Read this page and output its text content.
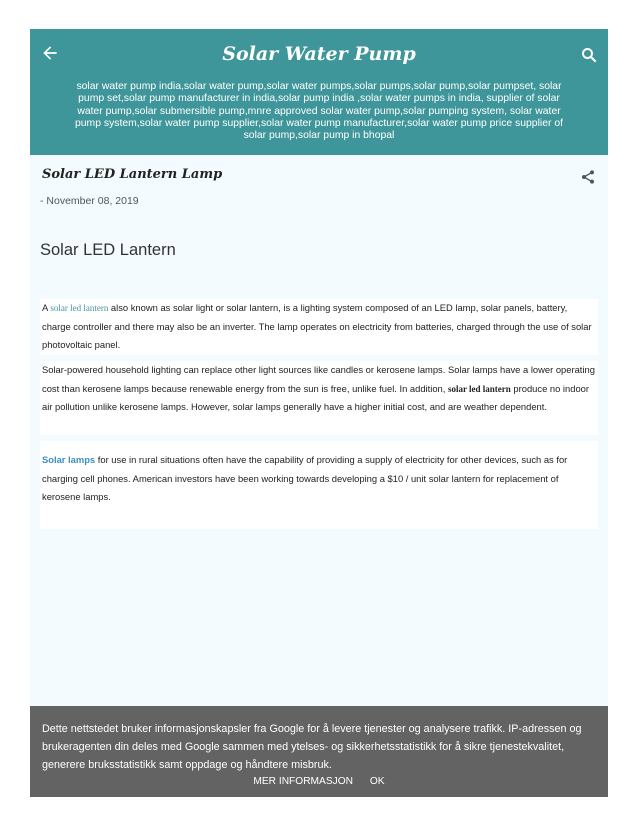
Solar Water Pump
solar water pump india,solar water pump,solar water pumps,solar pumps,solar pump,solar pumpset, solar pump set,solar pump manufacturer in india,solar pump india ,solar water pumps in india, supplier of solar water pump,solar submersible pump,mnre approved solar water pump,solar pumping system, solar water pump system,solar water pump supplier,solar water pump manufacturer,solar water pump price supplier of solar pump,solar pump in bhopal
Solar LED Lantern Lamp
- November 08, 2019
Solar LED Lantern
A solar led lantern also known as solar light or solar lantern, is a lighting system composed of an LED lamp, solar panels, battery, charge controller and there may also be an inverter. The lamp operates on electricity from batteries, charged through the use of solar photovoltaic panel.
Solar-powered household lighting can replace other light sources like candles or kerosene lamps. Solar lamps have a lower operating cost than kerosene lamps because renewable energy from the sun is free, unlike fuel. In addition, solar led lantern produce no indoor air pollution unlike kerosene lamps. However, solar lamps generally have a higher initial cost, and are weather dependent.
Solar lamps for use in rural situations often have the capability of providing a supply of electricity for other devices, such as for charging cell phones. American investors have been working towards developing a $10 / unit solar lantern for replacement of kerosene lamps.
Dette nettstedet bruker informasjonskapsler fra Google for å levere tjenester og analysere trafikk. IP-adressen og brukeragenten din deles med Google sammen med ytelses- og sikkerhetsstatistikk for å sikre tjenestekvalitet, generere bruksstatistikk samt oppdage og håndtere misbruk.
MER INFORMASJON OK
